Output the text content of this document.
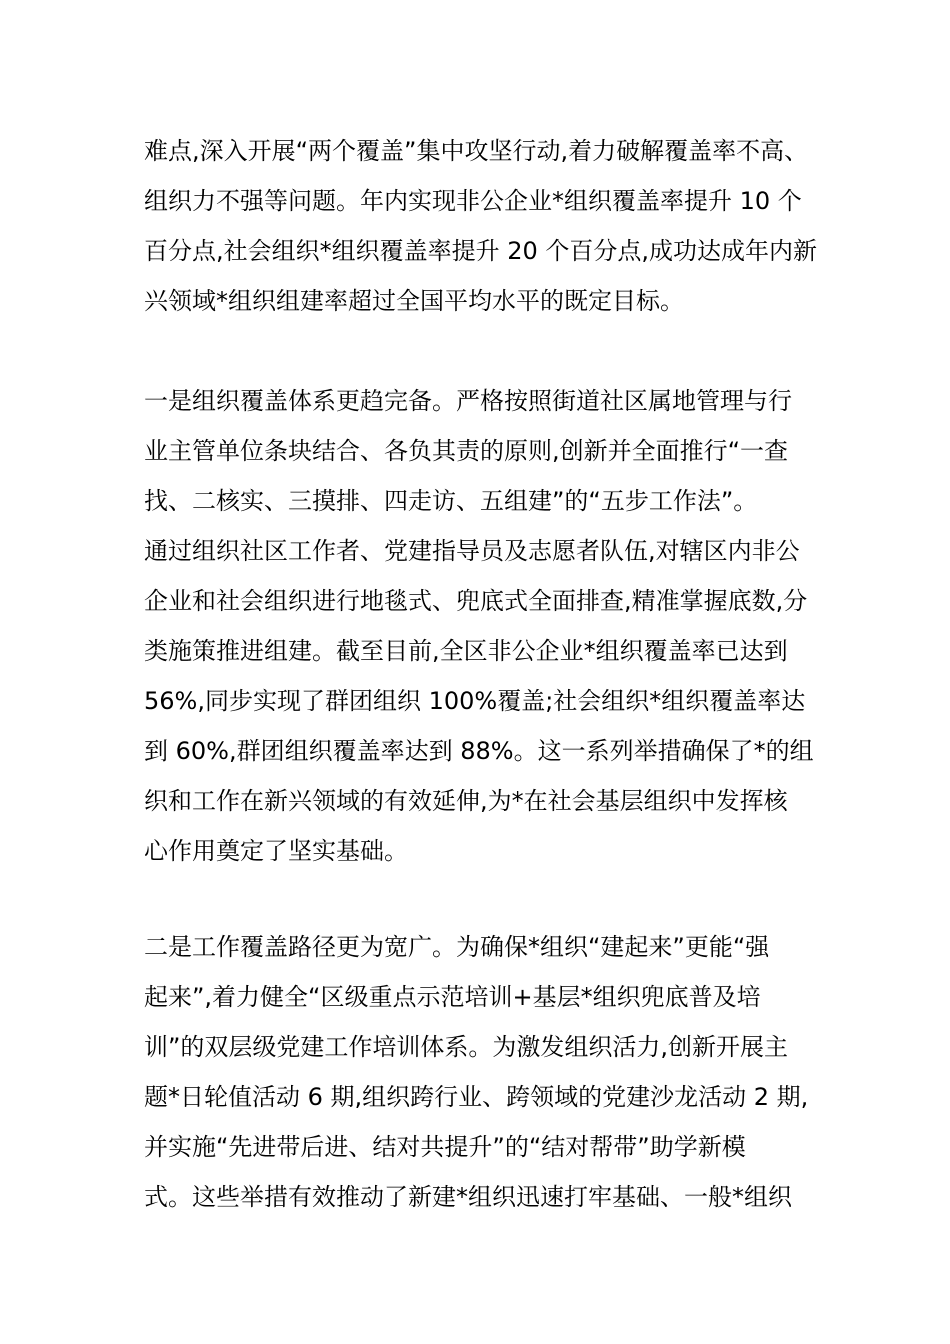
难点,深入开展“两个覆盖”集中攻坚行动,着力破解覆盖率不高、
组织力不强等问题。年内实现非公企业*组织覆盖率提升 10 个
百分点,社会组织*组织覆盖率提升 20 个百分点,成功达成年内新
兴领域*组织组建率超过全国平均水平的既定目标。
一是组织覆盖体系更趋完备。严格按照街道社区属地管理与行
业主管单位条块结合、各负其责的原则,创新并全面推行“一查
找、二核实、三摸排、四走访、五组建”的“五步工作法”。
通过组织社区工作者、党建指导员及志愿者队伍,对辖区内非公
企业和社会组织进行地毯式、兜底式全面排查,精准掌握底数,分
类施策推进组建。截至目前,全区非公企业*组织覆盖率已达到
56%,同步实现了群团组织 100%覆盖;社会组织*组织覆盖率达
到 60%,群团组织覆盖率达到 88%。这一系列举措确保了*的组
织和工作在新兴领域的有效延伸,为*在社会基层组织中发挥核
心作用奠定了坚实基础。
二是工作覆盖路径更为宽广。为确保*组织“建起来”更能“强
起来”,着力健全“区级重点示范培训+基层*组织兜底普及培
训”的双层级党建工作培训体系。为激发组织活力,创新开展主
题*日轮值活动 6 期,组织跨行业、跨领域的党建沙龙活动 2 期,
并实施“先进带后进、结对共提升”的“结对帮带”助学新模
式。这些举措有效推动了新建*组织迅速打牢基础、一般*组织
